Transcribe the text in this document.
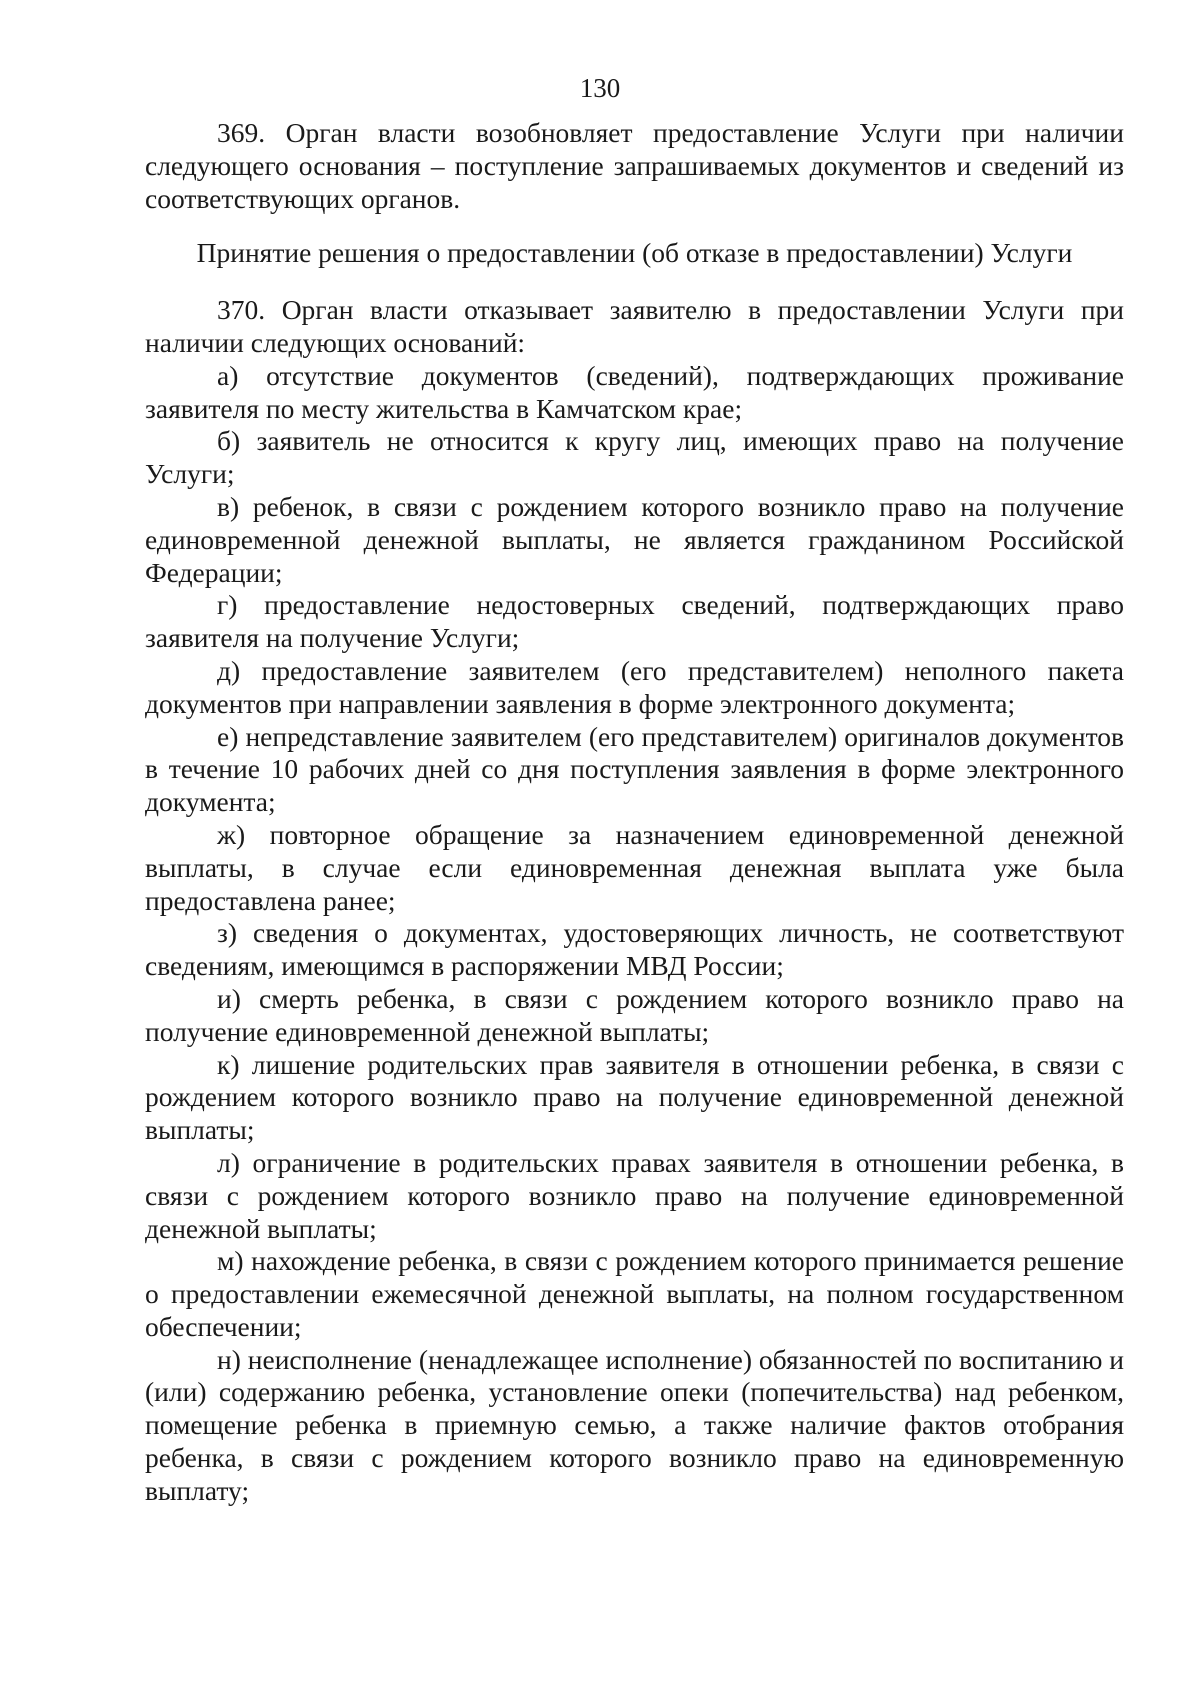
130

369. Орган власти возобновляет предоставление Услуги при наличии следующего основания – поступление запрашиваемых документов и сведений из соответствующих органов.

Принятие решения о предоставлении (об отказе в предоставлении) Услуги

370. Орган власти отказывает заявителю в предоставлении Услуги при наличии следующих оснований:

а) отсутствие документов (сведений), подтверждающих проживание заявителя по месту жительства в Камчатском крае;

б) заявитель не относится к кругу лиц, имеющих право на получение Услуги;

в) ребенок, в связи с рождением которого возникло право на получение единовременной денежной выплаты, не является гражданином Российской Федерации;

г) предоставление недостоверных сведений, подтверждающих право заявителя на получение Услуги;

д) предоставление заявителем (его представителем) неполного пакета документов при направлении заявления в форме электронного документа;

е) непредставление заявителем (его представителем) оригиналов документов в течение 10 рабочих дней со дня поступления заявления в форме электронного документа;

ж) повторное обращение за назначением единовременной денежной выплаты, в случае если единовременная денежная выплата уже была предоставлена ранее;

з) сведения о документах, удостоверяющих личность, не соответствуют сведениям, имеющимся в распоряжении МВД России;

и) смерть ребенка, в связи с рождением которого возникло право на получение единовременной денежной выплаты;

к) лишение родительских прав заявителя в отношении ребенка, в связи с рождением которого возникло право на получение единовременной денежной выплаты;

л) ограничение в родительских правах заявителя в отношении ребенка, в связи с рождением которого возникло право на получение единовременной денежной выплаты;

м) нахождение ребенка, в связи с рождением которого принимается решение о предоставлении ежемесячной денежной выплаты, на полном государственном обеспечении;

н) неисполнение (ненадлежащее исполнение) обязанностей по воспитанию и (или) содержанию ребенка, установление опеки (попечительства) над ребенком, помещение ребенка в приемную семью, а также наличие фактов отобрания ребенка, в связи с рождением которого возникло право на единовременную выплату;
